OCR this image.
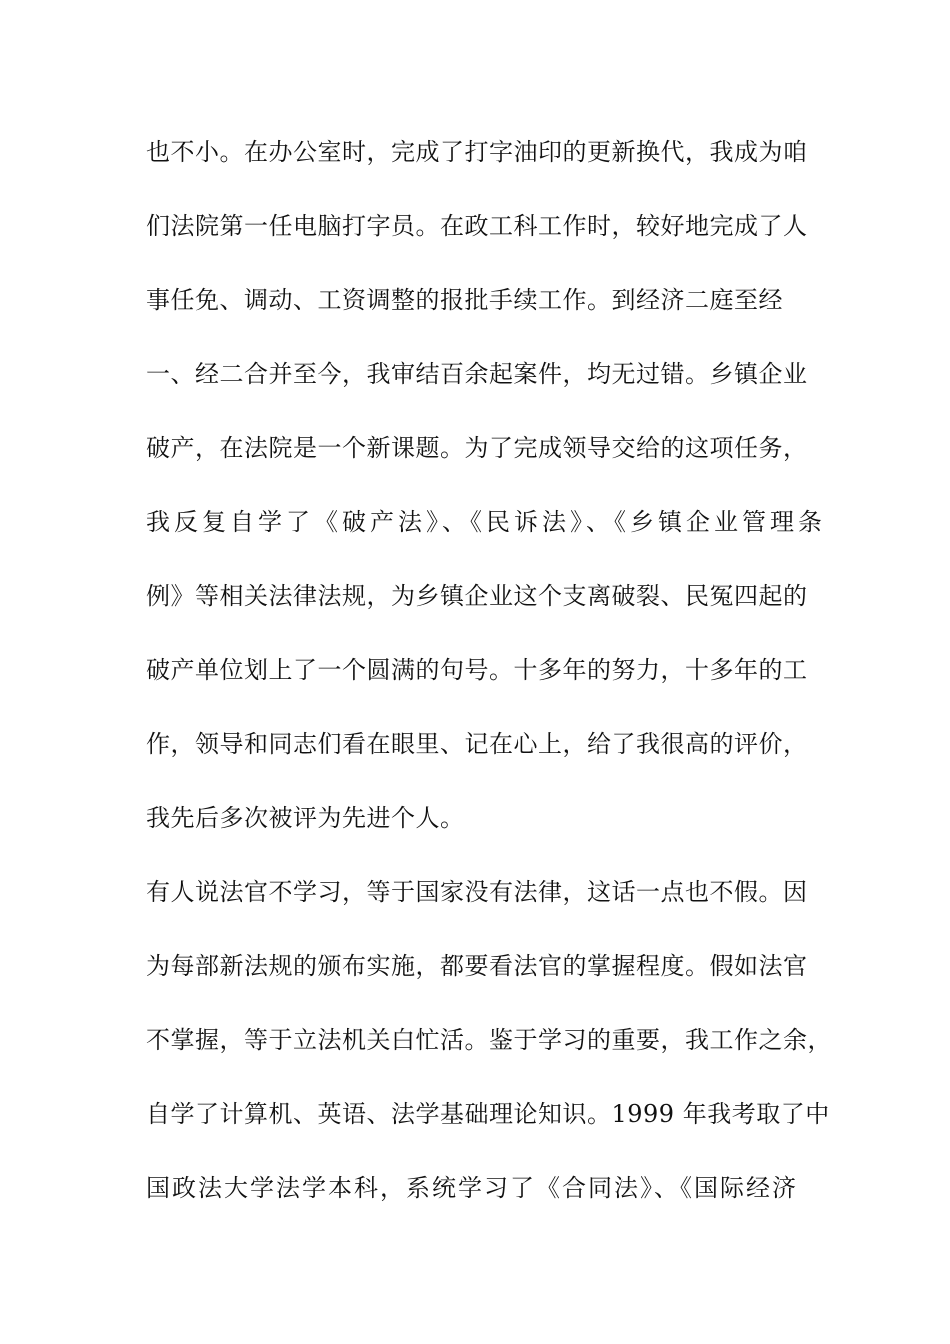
也不小。在办公室时，完成了打字油印的更新换代，我成为咱
们法院第一任电脑打字员。在政工科工作时，较好地完成了人
事任免、调动、工资调整的报批手续工作。到经济二庭至经
一、经二合并至今，我审结百余起案件，均无过错。乡镇企业
破产，在法院是一个新课题。为了完成领导交给的这项任务，
我反复自学了《破产法》、《民诉法》、《乡镇企业管理条
例》等相关法律法规，为乡镇企业这个支离破裂、民冤四起的
破产单位划上了一个圆满的句号。十多年的努力，十多年的工
作，领导和同志们看在眼里、记在心上，给了我很高的评价，
我先后多次被评为先进个人。
有人说法官不学习，等于国家没有法律，这话一点也不假。因
为每部新法规的颁布实施，都要看法官的掌握程度。假如法官
不掌握，等于立法机关白忙活。鉴于学习的重要，我工作之余，
自学了计算机、英语、法学基础理论知识。1999 年我考取了中
国政法大学法学本科，系统学习了《合同法》、《国际经济
